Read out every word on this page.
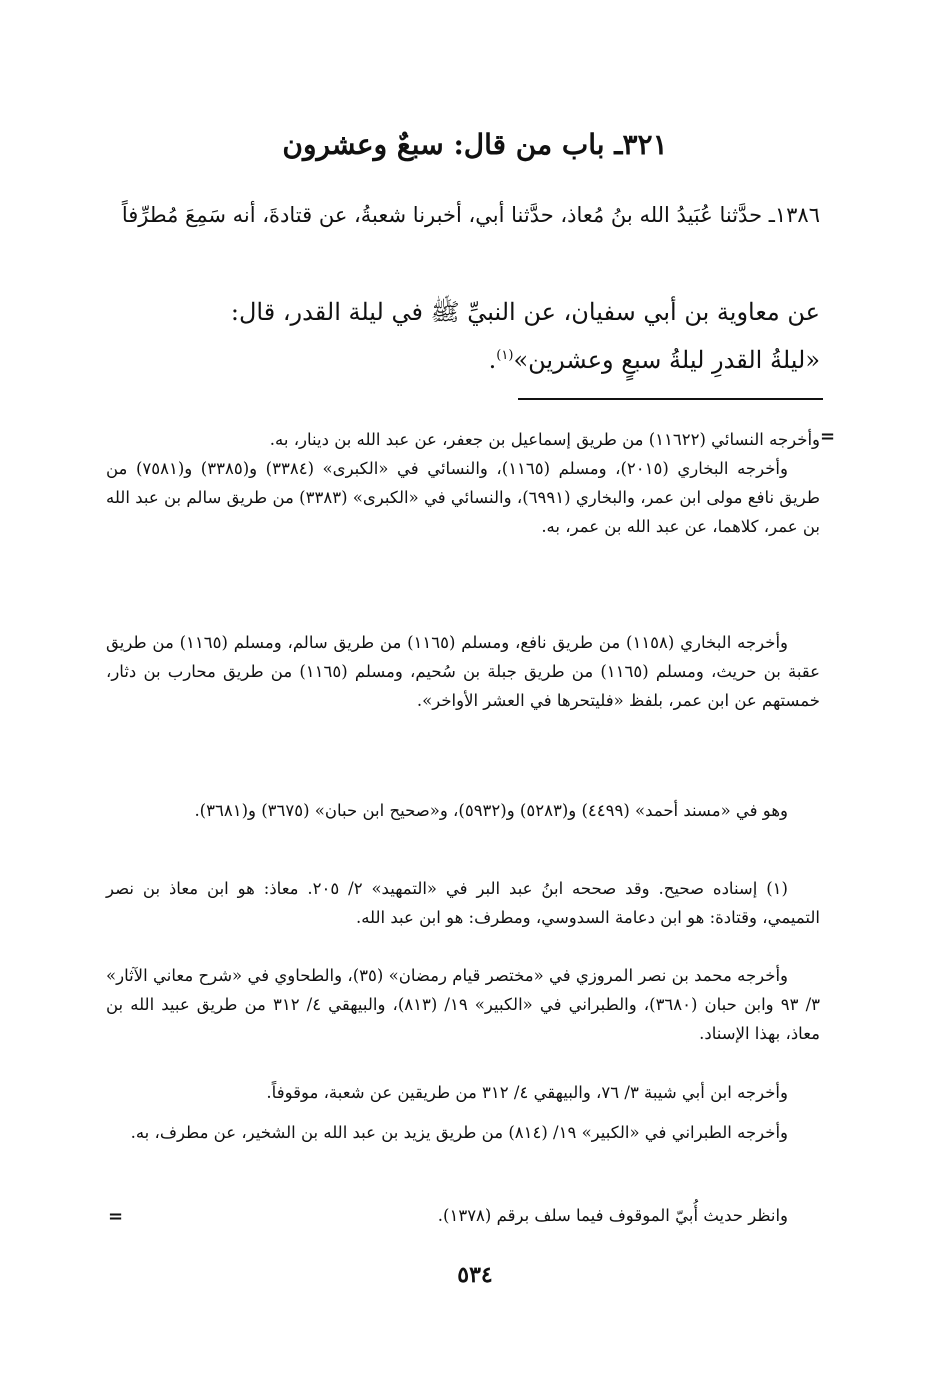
٣٢١ـ باب من قال: سبعٌ وعشرون
١٣٨٦ـ حدَّثنا عُبَيدُ الله بنُ مُعاذ، حدَّثنا أبي، أخبرنا شعبةُ، عن قتادةَ، أنه سَمِعَ مُطرِّفاً
عن معاوية بن أبي سفيان، عن النبيِّ ﷺ في ليلة القدر، قال:
«ليلةُ القدرِ ليلةُ سبعٍ وعشرين»$^{(١)}$.
=
وأخرجه النسائي (١١٦٢٢) من طريق إسماعيل بن جعفر، عن عبد الله بن دينار، به.
وأخرجه البخاري (٢٠١٥)، ومسلم (١١٦٥)، والنسائي في «الكبرى» (٣٣٨٤) و(٣٣٨٥) و(٧٥٨١) من طريق نافع مولى ابن عمر، والبخاري (٦٩٩١)، والنسائي في «الكبرى» (٣٣٨٣) من طريق سالم بن عبد الله بن عمر، كلاهما، عن عبد الله بن عمر، به.
وأخرجه البخاري (١١٥٨) من طريق نافع، ومسلم (١١٦٥) من طريق سالم، ومسلم (١١٦٥) من طريق عقبة بن حريث، ومسلم (١١٦٥) من طريق جبلة بن سُحيم، ومسلم (١١٦٥) من طريق محارب بن دثار، خمستهم عن ابن عمر، بلفظ «فليتحرها في العشر الأواخر».
وهو في «مسند أحمد» (٤٤٩٩) و(٥٢٨٣) و(٥٩٣٢)، و«صحيح ابن حبان» (٣٦٧٥) و(٣٦٨١).
(١) إسناده صحيح. وقد صححه ابنُ عبد البر في «التمهيد» ٢/ ٢٠٥. معاذ: هو ابن معاذ بن نصر التميمي، وقتادة: هو ابن دعامة السدوسي، ومطرف: هو ابن عبد الله.
وأخرجه محمد بن نصر المروزي في «مختصر قيام رمضان» (٣٥)، والطحاوي في «شرح معاني الآثار» ٣/ ٩٣ وابن حبان (٣٦٨٠)، والطبراني في «الكبير» ١٩/ (٨١٣)، والبيهقي ٤/ ٣١٢ من طريق عبيد الله بن معاذ، بهذا الإسناد.
وأخرجه ابن أبي شيبة ٣/ ٧٦، والبيهقي ٤/ ٣١٢ من طريقين عن شعبة، موقوفاً.
وأخرجه الطبراني في «الكبير» ١٩/ (٨١٤) من طريق يزيد بن عبد الله بن الشخير، عن مطرف، به.
وانظر حديث أُبيّ الموقوف فيما سلف برقم (١٣٧٨).
=
٥٣٤
